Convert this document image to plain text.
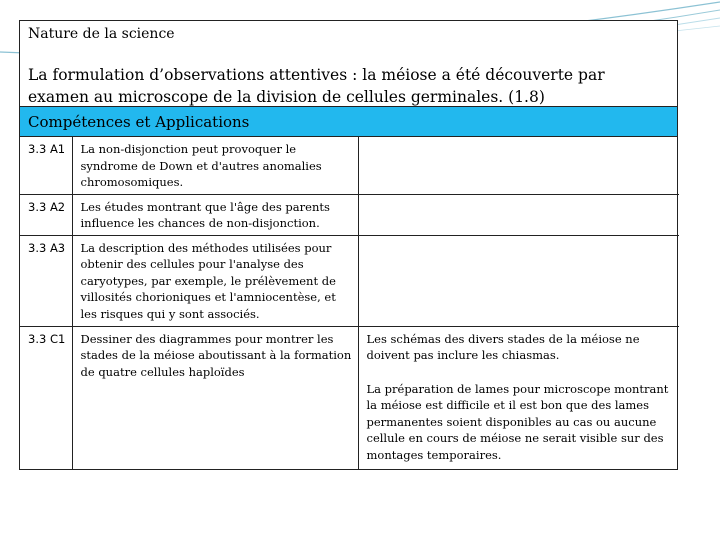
Nature de la science
La formulation d’observations attentives : la méiose a été découverte par examen au microscope de la division de cellules germinales. (1.8)
Compétences et Applications
3.3 A1	La non-disjonction peut provoquer le syndrome de Down et d'autres anomalies chromosomiques.	
3.3 A2	Les études montrant que l'âge des parents influence les chances de non-disjonction.	
3.3 A3	La description des méthodes utilisées pour obtenir des cellules pour l'analyse des caryotypes, par exemple, le prélèvement de villosités chorioniques et l'amniocentèse, et les risques qui y sont associés.	
3.3 C1	Dessiner des diagrammes pour montrer les stades de la méiose aboutissant à la formation de quatre cellules haploïdes	Les schémas des divers stades de la méiose ne doivent pas inclure les chiasmas.
La préparation de lames pour microscope montrant la méiose est difficile et il est bon que des lames permanentes soient disponibles au cas ou aucune cellule en cours de méiose ne serait visible sur des montages temporaires.
